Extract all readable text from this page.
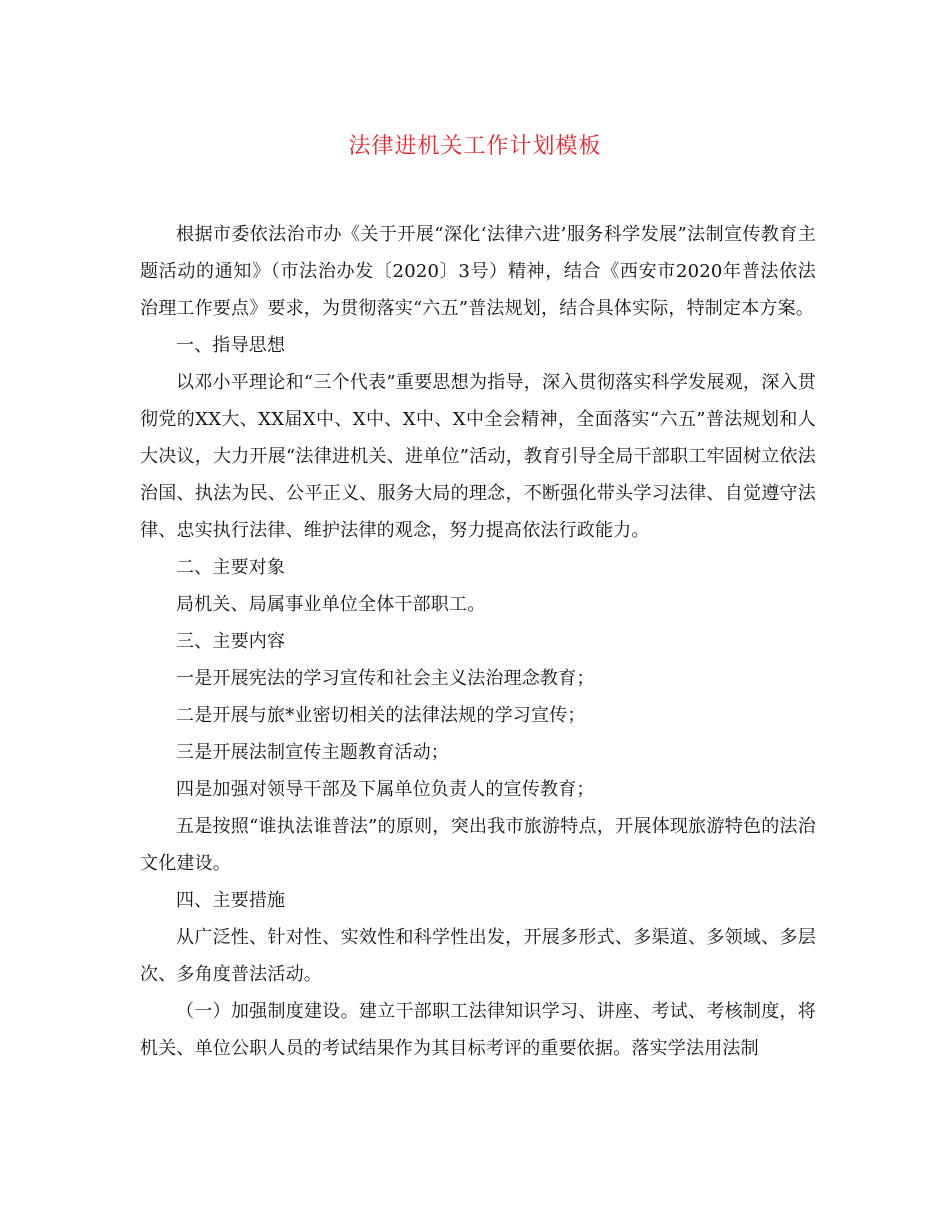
法律进机关工作计划模板

根据市委依法治市办《关于开展“深化‘法律六进’服务科学发展”法制宣传教育主题活动的通知》（市法治办发〔2020〕3号）精神，结合《西安市2020年普法依法治理工作要点》要求，为贯彻落实“六五”普法规划，结合具体实际，特制定本方案。

一、指导思想

以邓小平理论和“三个代表”重要思想为指导，深入贯彻落实科学发展观，深入贯彻党的XX大、XX届X中、X中、X中、X中全会精神，全面落实“六五”普法规划和人大决议，大力开展“法律进机关、进单位”活动，教育引导全局干部职工牢固树立依法治国、执法为民、公平正义、服务大局的理念，不断强化带头学习法律、自觉遵守法律、忠实执行法律、维护法律的观念，努力提高依法行政能力。

二、主要对象

局机关、局属事业单位全体干部职工。

三、主要内容

一是开展宪法的学习宣传和社会主义法治理念教育；

二是开展与旅*业密切相关的法律法规的学习宣传；

三是开展法制宣传主题教育活动；

四是加强对领导干部及下属单位负责人的宣传教育；

五是按照“谁执法谁普法”的原则，突出我市旅游特点，开展体现旅游特色的法治文化建设。

四、主要措施

从广泛性、针对性、实效性和科学性出发，开展多形式、多渠道、多领域、多层次、多角度普法活动。

（一）加强制度建设。建立干部职工法律知识学习、讲座、考试、考核制度，将机关、单位公职人员的考试结果作为其目标考评的重要依据。落实学法用法制
